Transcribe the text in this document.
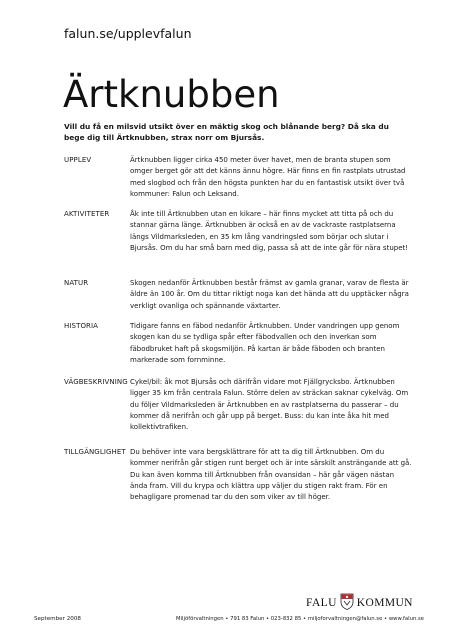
falun.se/upplevfalun
Ärtknubben

Vill du få en milsvid utsikt över en mäktig skog och blånande berg? Då ska du bege dig till Ärtknubben, strax norr om Bjursås.

UPPLEV	Ärtknubben ligger cirka 450 meter över havet, men de branta stupen som omger berget gör att det känns ännu högre. Här finns en fin rastplats utrustad med slogbod och från den högsta punkten har du en fantastisk utsikt över två kommuner: Falun och Leksand.

AKTIVITETER	Åk inte till Ärtknubben utan en kikare – här finns mycket att titta på och du stannar gärna länge. Ärtknubben är också en av de vackraste rastplatserna längs Vildmarksleden, en 35 km lång vandringsled som börjar och slutar i Bjursås. Om du har små barn med dig, passa så att de inte går för nära stupet!

NATUR	Skogen nedanför Ärtknubben består främst av gamla granar, varav de flesta är äldre än 100 år. Om du tittar riktigt noga kan det hända att du upptäcker några verkligt ovanliga och spännande växtarter.

HISTORIA	Tidigare fanns en fäbod nedanför Ärtknubben. Under vandringen upp genom skogen kan du se tydliga spår efter fäbodvallen och den inverkan som fäbodbruket haft på skogsmiljön. På kartan är både fäboden och branten markerade som fornminne.

VÄGBESKRIVNING Cykel/bil: åk mot Bjursås och därifrån vidare mot Fjällgrycksbo. Ärtknubben ligger 35 km från centrala Falun. Större delen av sträckan saknar cykelväg. Om du följer Vildmarksleden är Ärtknubben en av rastplatserna du passerar – du kommer då nerifrån och går upp på berget. Buss: du kan inte åka hit med kollektivtrafiken.

TILLGÄNGLIGHET Du behöver inte vara bergsklättrare för att ta dig till Ärtknubben. Om du kommer nerifrån går stigen runt berget och är inte särskilt ansträngande att gå. Du kan även komma till Ärtknubben från ovansidan – här går vägen nästan ända fram. Vill du krypa och klättra upp väljer du stigen rakt fram. För en behagligare promenad tar du den som viker av till höger.

FALU KOMMUN
September 2008	Miljöförvaltningen • 791 83 Falun • 023-832 85 • miljoforvaltningen@falun.se • www.falun.se
